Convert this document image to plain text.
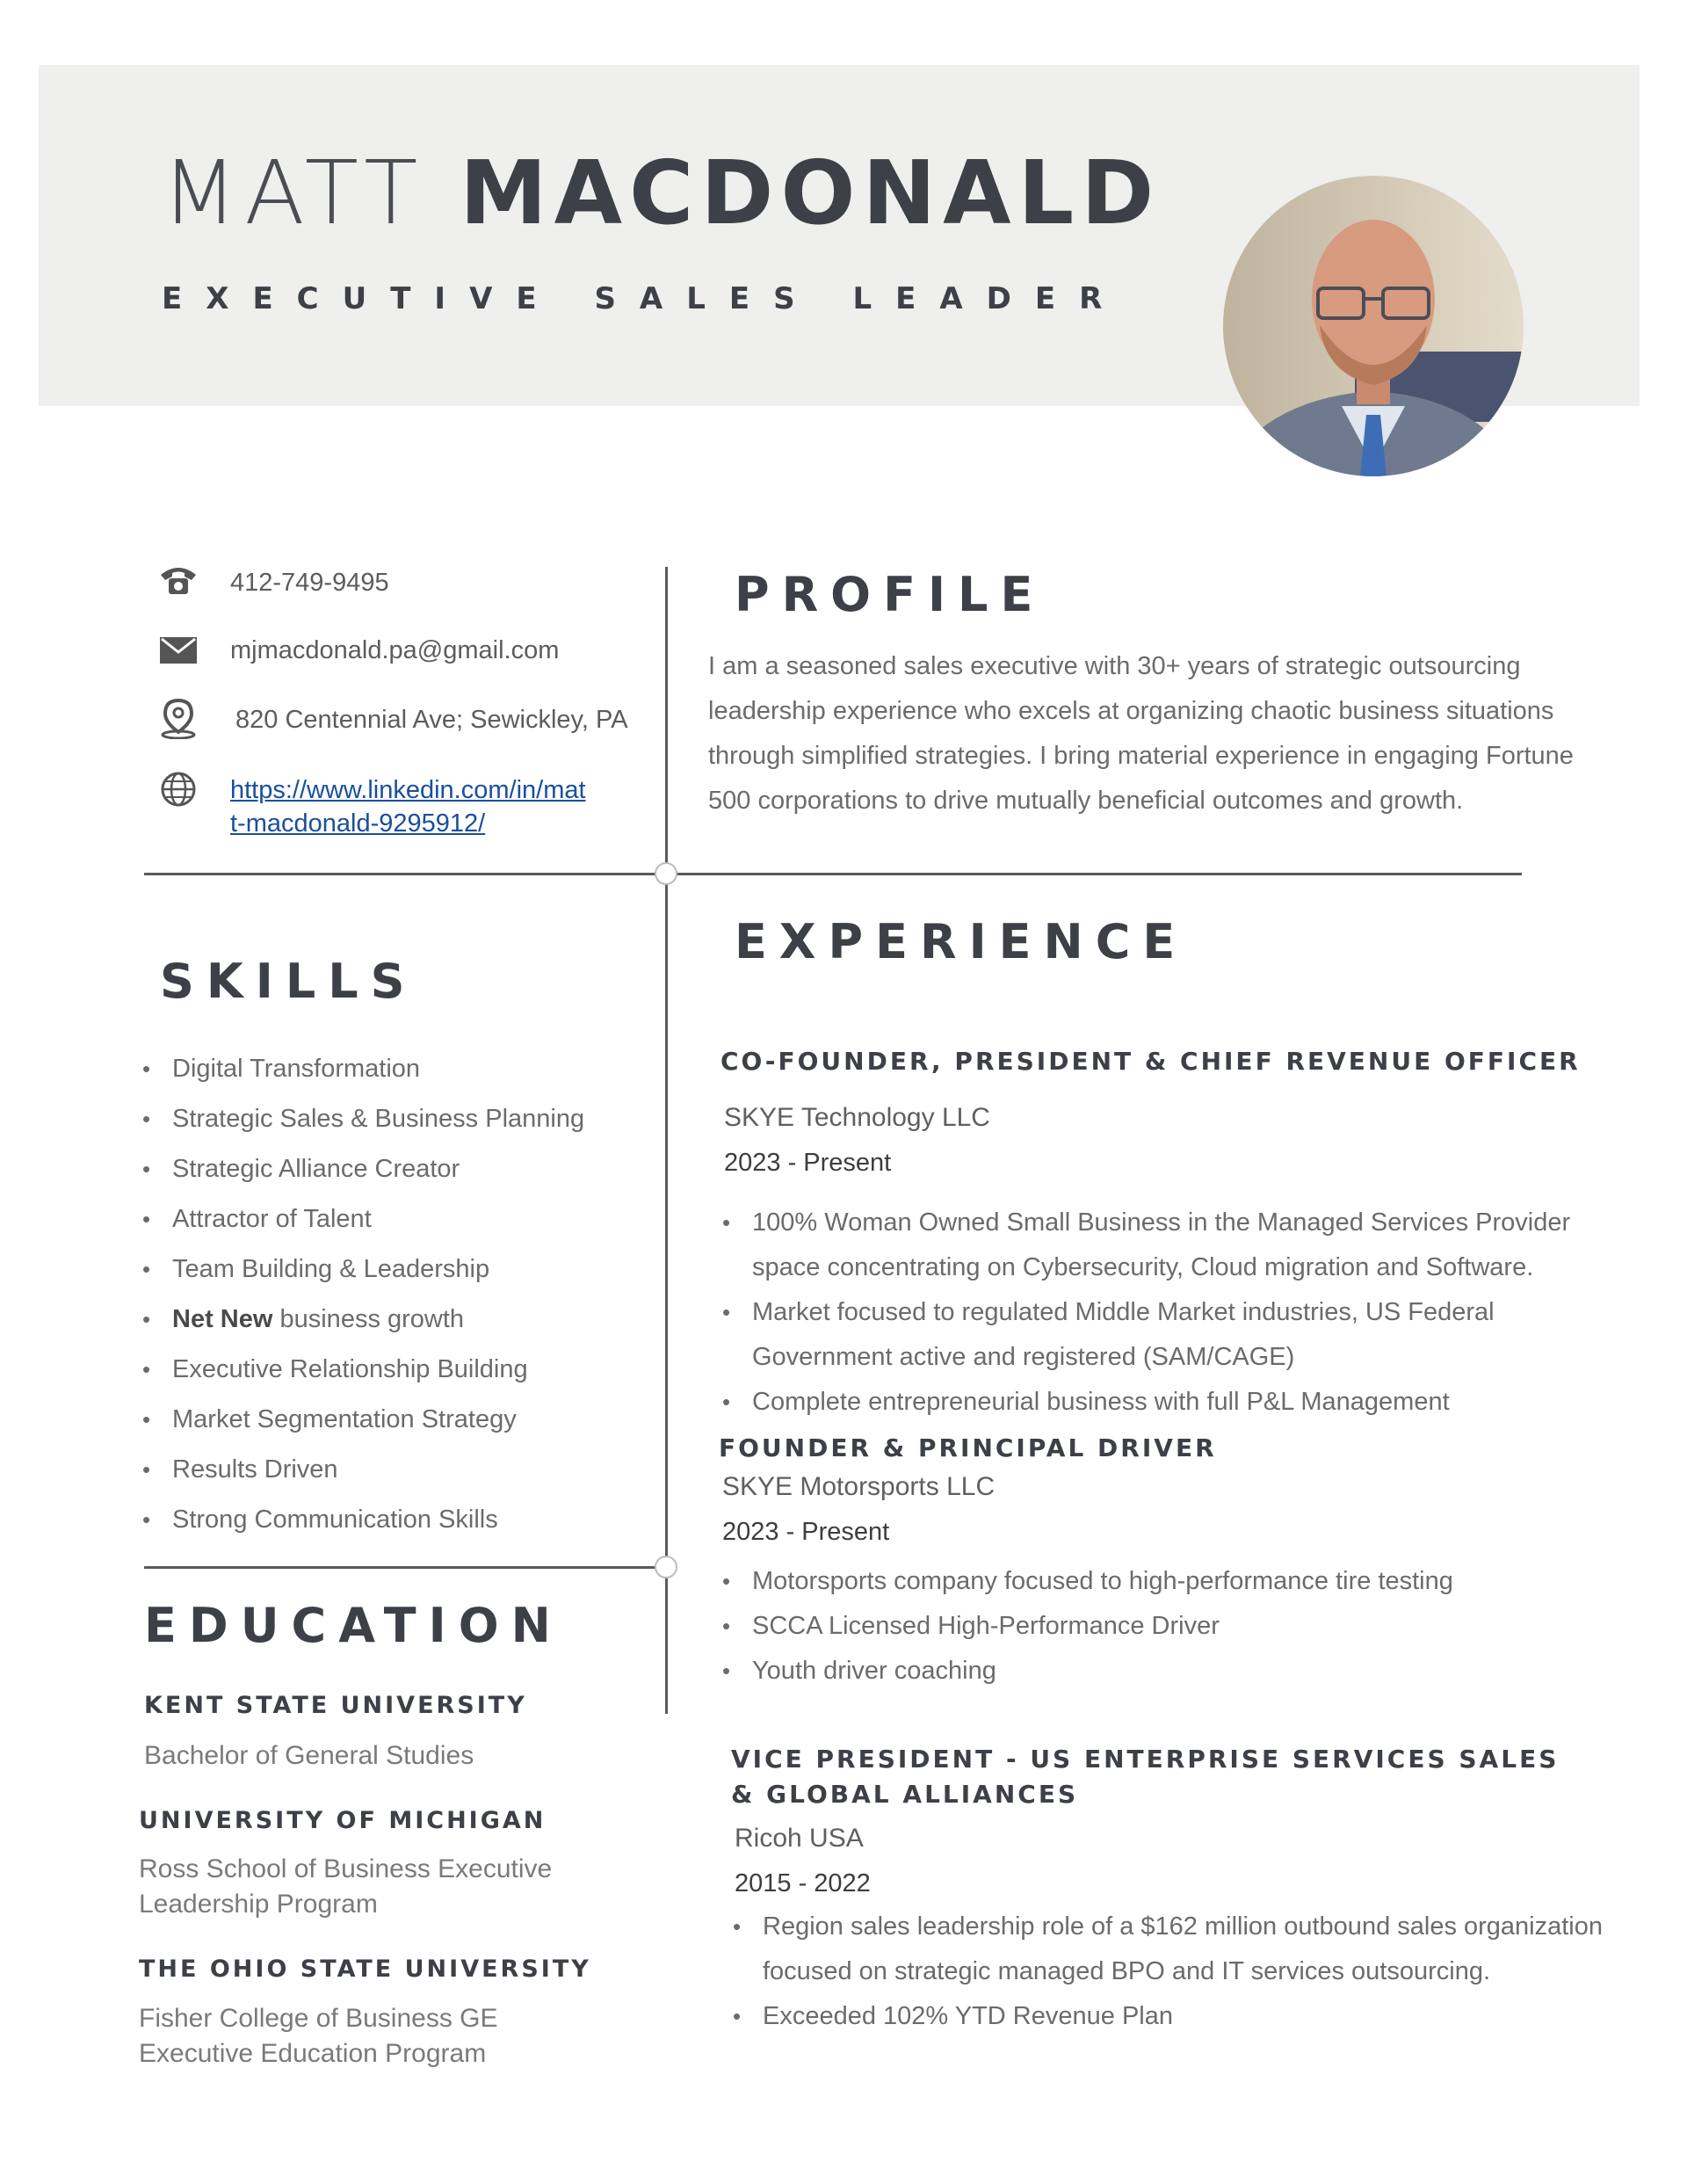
MATT MACDONALD
EXECUTIVE SALES LEADER
412-749-9495
mjmacdonald.pa@gmail.com
820 Centennial Ave; Sewickley, PA
https://www.linkedin.com/in/mat
t-macdonald-9295912/
SKILLS
• Digital Transformation
• Strategic Sales & Business Planning
• Strategic Alliance Creator
• Attractor of Talent
• Team Building & Leadership
• Net New business growth
• Executive Relationship Building
• Market Segmentation Strategy
• Results Driven
• Strong Communication Skills
EDUCATION
KENT STATE UNIVERSITY
Bachelor of General Studies
UNIVERSITY OF MICHIGAN
Ross School of Business Executive Leadership Program
THE OHIO STATE UNIVERSITY
Fisher College of Business GE Executive Education Program
PROFILE
I am a seasoned sales executive with 30+ years of strategic outsourcing leadership experience who excels at organizing chaotic business situations through simplified strategies. I bring material experience in engaging Fortune 500 corporations to drive mutually beneficial outcomes and growth.
EXPERIENCE
CO-FOUNDER, PRESIDENT & CHIEF REVENUE OFFICER
SKYE Technology LLC
2023 - Present
• 100% Woman Owned Small Business in the Managed Services Provider space concentrating on Cybersecurity, Cloud migration and Software.
• Market focused to regulated Middle Market industries, US Federal Government active and registered (SAM/CAGE)
• Complete entrepreneurial business with full P&L Management
FOUNDER & PRINCIPAL DRIVER
SKYE Motorsports LLC
2023 - Present
• Motorsports company focused to high-performance tire testing
• SCCA Licensed High-Performance Driver
• Youth driver coaching
VICE PRESIDENT - US ENTERPRISE SERVICES SALES & GLOBAL ALLIANCES
Ricoh USA
2015 - 2022
• Region sales leadership role of a $162 million outbound sales organization focused on strategic managed BPO and IT services outsourcing.
• Exceeded 102% YTD Revenue Plan
